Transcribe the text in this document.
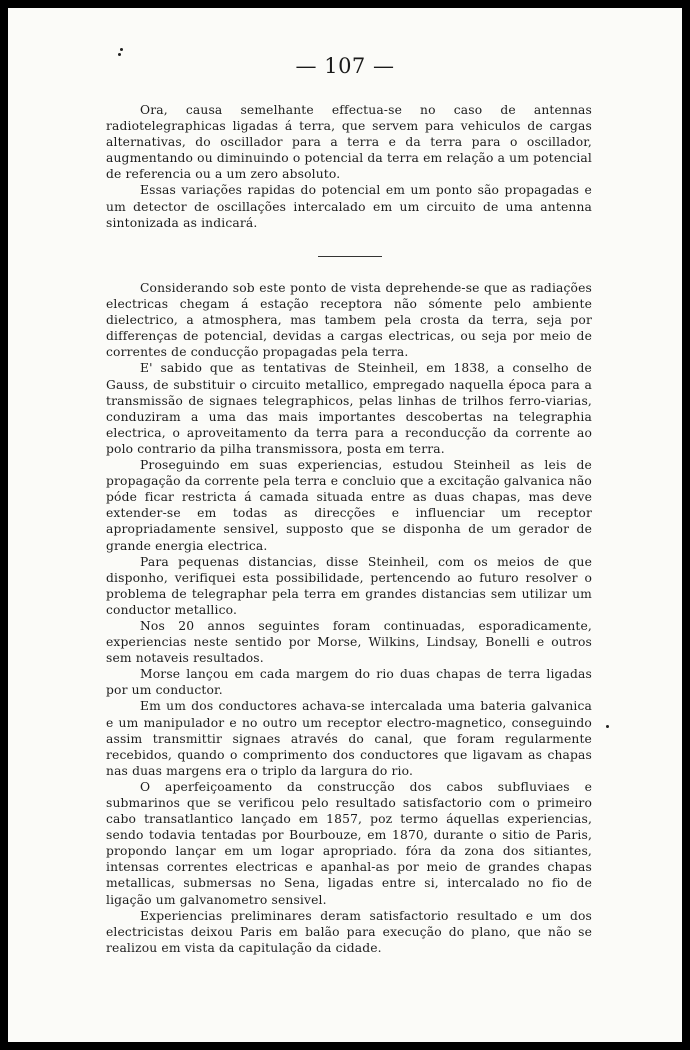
— 107 —

Ora, causa semelhante effectua-se no caso de antennas radiotelegraphicas ligadas á terra, que servem para vehiculos de cargas alternativas, do oscillador para a terra e da terra para o oscillador, augmentando ou diminuindo o potencial da terra em relação a um potencial de referencia ou a um zero absoluto.

Essas variações rapidas do potencial em um ponto são propagadas e um detector de oscillações intercalado em um circuito de uma antenna sintonizada as indicará.

Considerando sob este ponto de vista deprehende-se que as radiações electricas chegam á estação receptora não sómente pelo ambiente dielectrico, a atmosphera, mas tambem pela crosta da terra, seja por differenças de potencial, devidas a cargas electricas, ou seja por meio de correntes de conducção propagadas pela terra.

E' sabido que as tentativas de Steinheil, em 1838, a conselho de Gauss, de substituir o circuito metallico, empregado naquella época para a transmissão de signaes telegraphicos, pelas linhas de trilhos ferro-viarias, conduziram a uma das mais importantes descobertas na telegraphia electrica, o aproveitamento da terra para a reconducção da corrente ao polo contrario da pilha transmissora, posta em terra.

Proseguindo em suas experiencias, estudou Steinheil as leis de propagação da corrente pela terra e concluio que a excitação galvanica não póde ficar restricta á camada situada entre as duas chapas, mas deve extender-se em todas as direcções e influenciar um receptor apropriadamente sensivel, supposto que se disponha de um gerador de grande energia electrica.

Para pequenas distancias, disse Steinheil, com os meios de que disponho, verifiquei esta possibilidade, pertencendo ao futuro resolver o problema de telegraphar pela terra em grandes distancias sem utilizar um conductor metallico.

Nos 20 annos seguintes foram continuadas, esporadicamente, experiencias neste sentido por Morse, Wilkins, Lindsay, Bonelli e outros sem notaveis resultados.

Morse lançou em cada margem do rio duas chapas de terra ligadas por um conductor.

Em um dos conductores achava-se intercalada uma bateria galvanica e um manipulador e no outro um receptor electro-magnetico, conseguindo assim transmittir signaes através do canal, que foram regularmente recebidos, quando o comprimento dos conductores que ligavam as chapas nas duas margens era o triplo da largura do rio.

O aperfeiçoamento da construcção dos cabos subfluviaes e submarinos que se verificou pelo resultado satisfactorio com o primeiro cabo transatlantico lançado em 1857, poz termo áquellas experiencias, sendo todavia tentadas por Bourbouze, em 1870, durante o sitio de Paris, propondo lançar em um logar apropriado. fóra da zona dos sitiantes, intensas correntes electricas e apanhal-as por meio de grandes chapas metallicas, submersas no Sena, ligadas entre si, intercalado no fio de ligação um galvanometro sensivel.

Experiencias preliminares deram satisfactorio resultado e um dos electricistas deixou Paris em balão para execução do plano, que não se realizou em vista da capitulação da cidade.
